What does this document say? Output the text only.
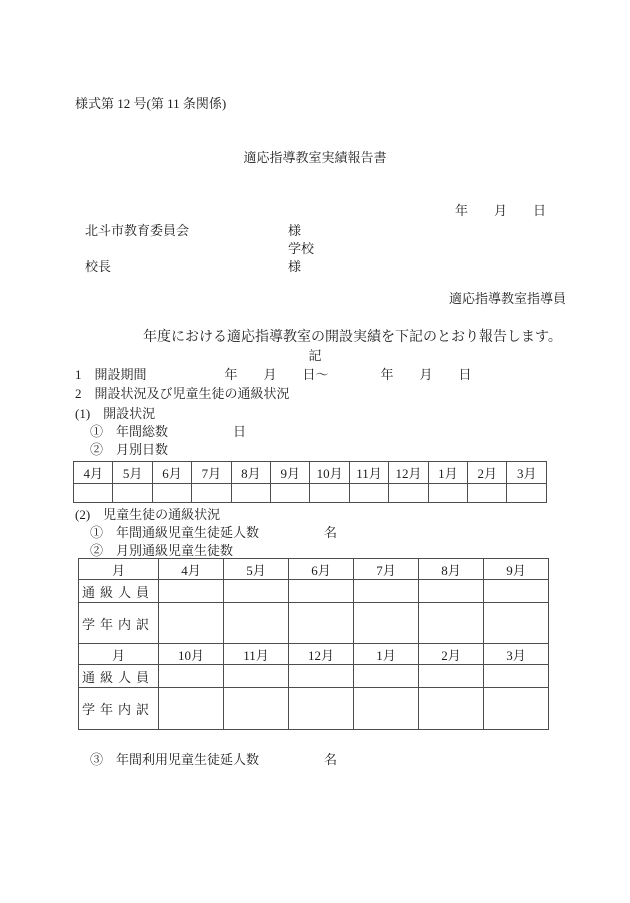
様式第 12 号(第 11 条関係)
適応指導教室実績報告書
年　　月　　日
北斗市教育委員会	様
学校
校長	様
適応指導教室指導員
年度における適応指導教室の開設実績を下記のとおり報告します。
記
1　開設期間　　　　　　年　　月　　日～　　　　年　　月　　日
2　開設状況及び児童生徒の通級状況
(1)　開設状況
①　年間総数　　　　　日
②　月別日数
4月	5月	6月	7月	8月	9月	10月	11月	12月	1月	2月	3月

(2)　児童生徒の通級状況
①　年間通級児童生徒延人数　　　　　名
②　月別通級児童生徒数
月	4月	5月	6月	7月	8月	9月
通級人員						
学年内訳						
月	10月	11月	12月	1月	2月	3月
通級人員						
学年内訳						
③　年間利用児童生徒延人数　　　　　名
